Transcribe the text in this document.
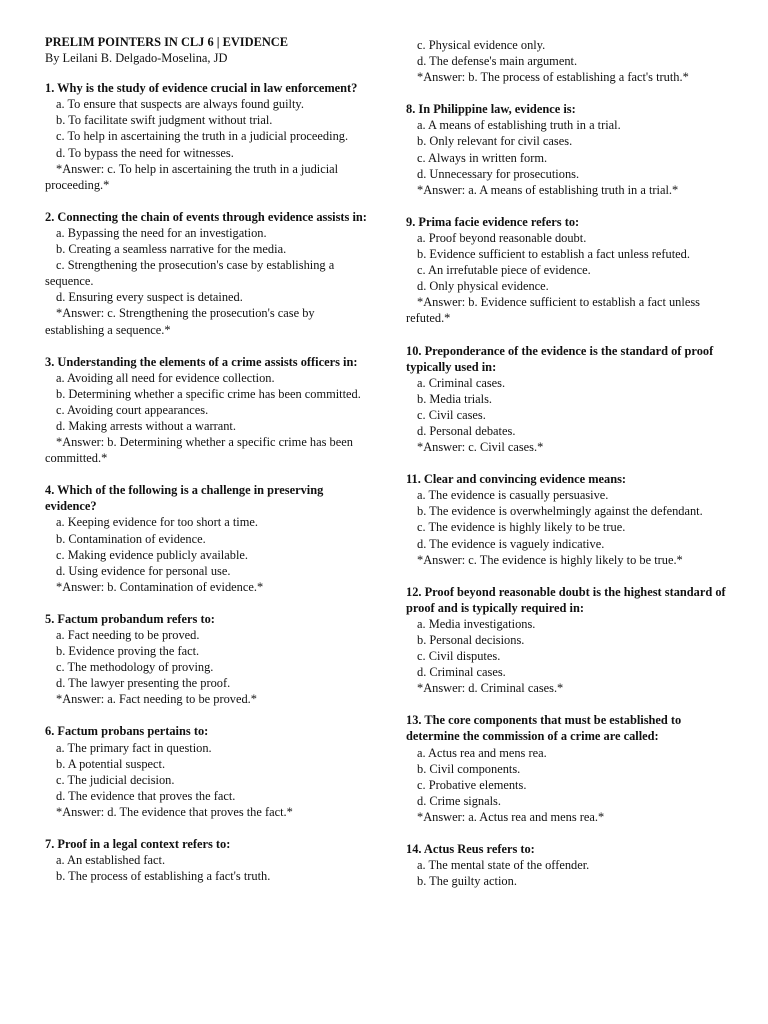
PRELIM POINTERS IN CLJ 6 | EVIDENCE
By Leilani B. Delgado-Moselina, JD
1. Why is the study of evidence crucial in law enforcement?
a. To ensure that suspects are always found guilty.
b. To facilitate swift judgment without trial.
c. To help in ascertaining the truth in a judicial proceeding.
d. To bypass the need for witnesses.
*Answer: c. To help in ascertaining the truth in a judicial proceeding.*
2. Connecting the chain of events through evidence assists in:
a. Bypassing the need for an investigation.
b. Creating a seamless narrative for the media.
c. Strengthening the prosecution's case by establishing a sequence.
d. Ensuring every suspect is detained.
*Answer: c. Strengthening the prosecution's case by establishing a sequence.*
3. Understanding the elements of a crime assists officers in:
a. Avoiding all need for evidence collection.
b. Determining whether a specific crime has been committed.
c. Avoiding court appearances.
d. Making arrests without a warrant.
*Answer: b. Determining whether a specific crime has been committed.*
4. Which of the following is a challenge in preserving evidence?
a. Keeping evidence for too short a time.
b. Contamination of evidence.
c. Making evidence publicly available.
d. Using evidence for personal use.
*Answer: b. Contamination of evidence.*
5. Factum probandum refers to:
a. Fact needing to be proved.
b. Evidence proving the fact.
c. The methodology of proving.
d. The lawyer presenting the proof.
*Answer: a. Fact needing to be proved.*
6. Factum probans pertains to:
a. The primary fact in question.
b. A potential suspect.
c. The judicial decision.
d. The evidence that proves the fact.
*Answer: d. The evidence that proves the fact.*
7. Proof in a legal context refers to:
a. An established fact.
b. The process of establishing a fact's truth.
c. Physical evidence only.
d. The defense's main argument.
*Answer: b. The process of establishing a fact's truth.*
8. In Philippine law, evidence is:
a. A means of establishing truth in a trial.
b. Only relevant for civil cases.
c. Always in written form.
d. Unnecessary for prosecutions.
*Answer: a. A means of establishing truth in a trial.*
9. Prima facie evidence refers to:
a. Proof beyond reasonable doubt.
b. Evidence sufficient to establish a fact unless refuted.
c. An irrefutable piece of evidence.
d. Only physical evidence.
*Answer: b. Evidence sufficient to establish a fact unless refuted.*
10. Preponderance of the evidence is the standard of proof typically used in:
a. Criminal cases.
b. Media trials.
c. Civil cases.
d. Personal debates.
*Answer: c. Civil cases.*
11. Clear and convincing evidence means:
a. The evidence is casually persuasive.
b. The evidence is overwhelmingly against the defendant.
c. The evidence is highly likely to be true.
d. The evidence is vaguely indicative.
*Answer: c. The evidence is highly likely to be true.*
12. Proof beyond reasonable doubt is the highest standard of proof and is typically required in:
a. Media investigations.
b. Personal decisions.
c. Civil disputes.
d. Criminal cases.
*Answer: d. Criminal cases.*
13. The core components that must be established to determine the commission of a crime are called:
a. Actus rea and mens rea.
b. Civil components.
c. Probative elements.
d. Crime signals.
*Answer: a. Actus rea and mens rea.*
14. Actus Reus refers to:
a. The mental state of the offender.
b. The guilty action.
